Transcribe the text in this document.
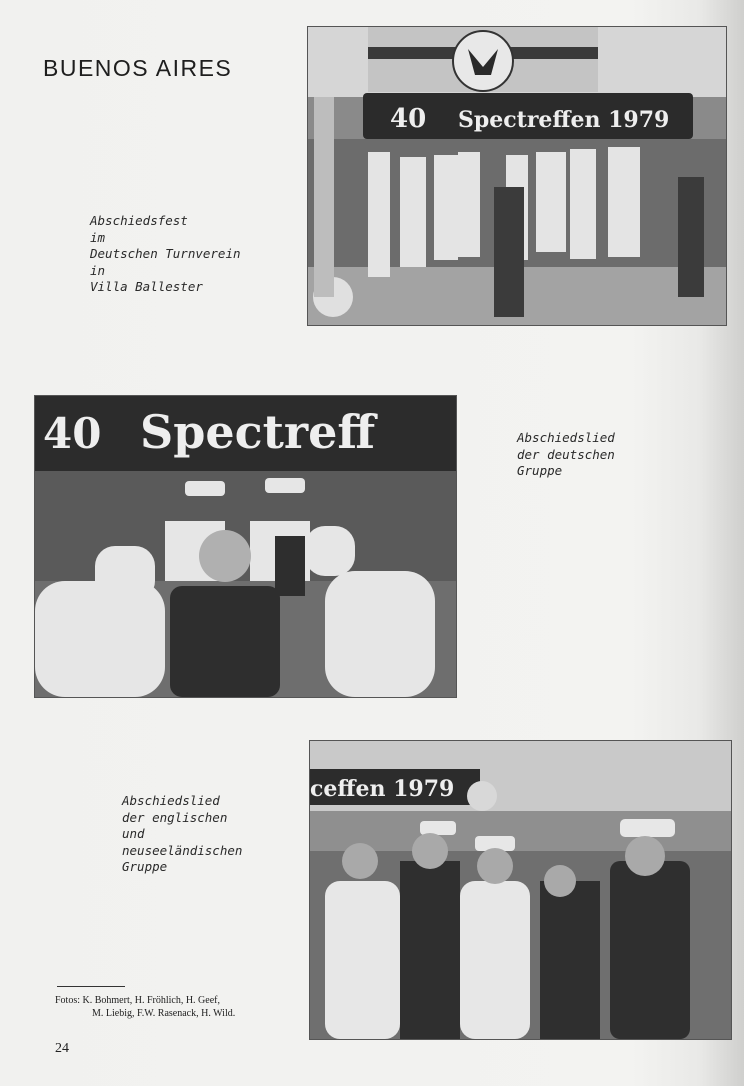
BUENOS AIRES
40 Spectreffen 1979
Abschiedsfest
im
Deutschen Turnverein
in
Villa Ballester
40 Spectreff	Abschiedslied
der deutschen
Gruppe
ceffen 1979
Abschiedslied
der englischen
und
neuseeländischen
Gruppe
Fotos: K. Bohmert, H. Fröhlich, H. Geef,
M. Liebig, F.W. Rasenack, H. Wild.
24
